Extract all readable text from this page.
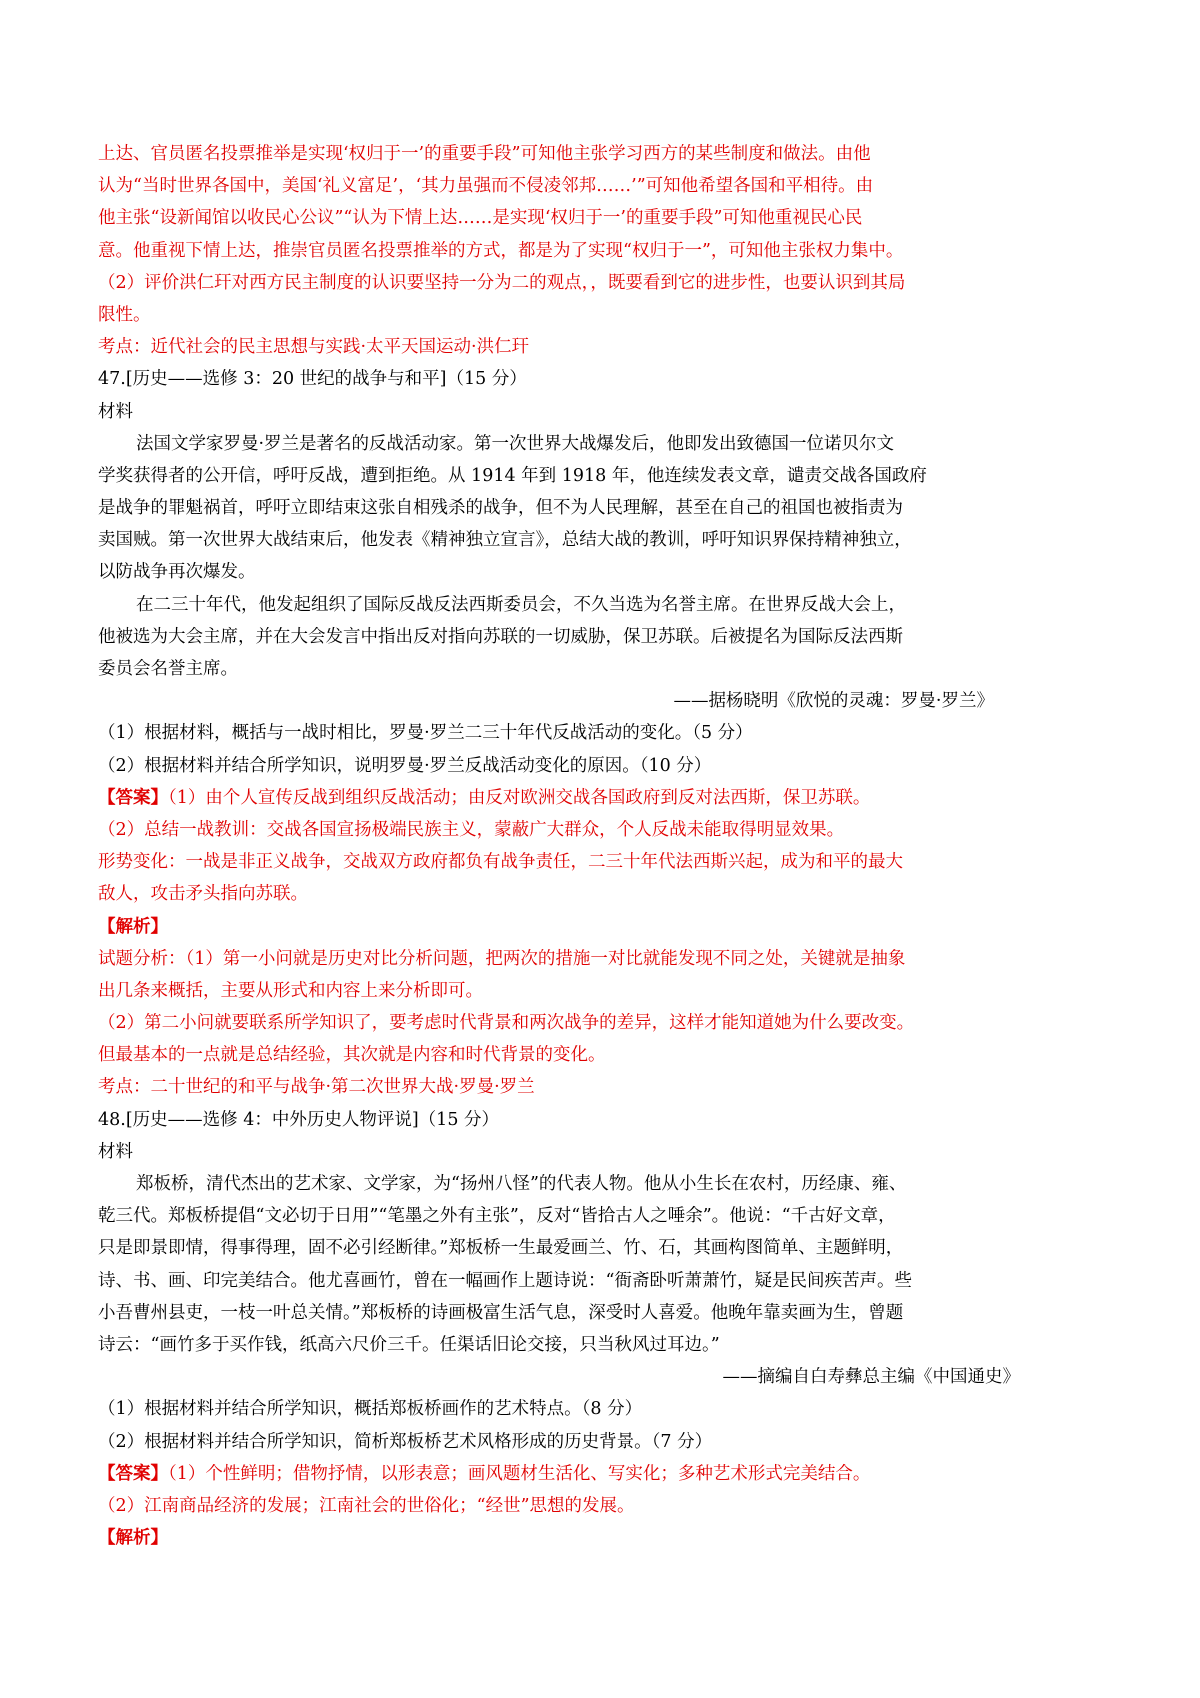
上达、官员匿名投票推举是实现‘权归于一’的重要手段”可知他主张学习西方的某些制度和做法。由他
认为“当时世界各国中，美国‘礼义富足’，‘其力虽强而不侵凌邻邦……’”可知他希望各国和平相待。由
他主张“设新闻馆以收民心公议”“认为下情上达……是实现‘权归于一’的重要手段”可知他重视民心民
意。他重视下情上达，推崇官员匿名投票推举的方式，都是为了实现“权归于一”，可知他主张权力集中。
（2）评价洪仁玕对西方民主制度的认识要坚持一分为二的观点，，既要看到它的进步性，也要认识到其局
限性。
考点：近代社会的民主思想与实践·太平天国运动·洪仁玕
47.[历史——选修 3：20 世纪的战争与和平]（15 分）
材料
法国文学家罗曼·罗兰是著名的反战活动家。第一次世界大战爆发后，他即发出致德国一位诺贝尔文
学奖获得者的公开信，呼吁反战，遭到拒绝。从 1914 年到 1918 年，他连续发表文章，谴责交战各国政府
是战争的罪魁祸首，呼吁立即结束这张自相残杀的战争，但不为人民理解，甚至在自己的祖国也被指责为
卖国贼。第一次世界大战结束后，他发表《精神独立宣言》，总结大战的教训，呼吁知识界保持精神独立，
以防战争再次爆发。
在二三十年代，他发起组织了国际反战反法西斯委员会，不久当选为名誉主席。在世界反战大会上，
他被选为大会主席，并在大会发言中指出反对指向苏联的一切威胁，保卫苏联。后被提名为国际反法西斯
委员会名誉主席。
——据杨晓明《欣悦的灵魂：罗曼·罗兰》
（1）根据材料，概括与一战时相比，罗曼·罗兰二三十年代反战活动的变化。（5 分）
（2）根据材料并结合所学知识，说明罗曼·罗兰反战活动变化的原因。（10 分）
【答案】（1）由个人宣传反战到组织反战活动；由反对欧洲交战各国政府到反对法西斯，保卫苏联。
（2）总结一战教训：交战各国宣扬极端民族主义，蒙蔽广大群众，个人反战未能取得明显效果。
形势变化：一战是非正义战争，交战双方政府都负有战争责任，二三十年代法西斯兴起，成为和平的最大
敌人，攻击矛头指向苏联。
【解析】
试题分析：（1）第一小问就是历史对比分析问题，把两次的措施一对比就能发现不同之处，关键就是抽象
出几条来概括，主要从形式和内容上来分析即可。
（2）第二小问就要联系所学知识了，要考虑时代背景和两次战争的差异，这样才能知道她为什么要改变。
但最基本的一点就是总结经验，其次就是内容和时代背景的变化。
考点：二十世纪的和平与战争·第二次世界大战·罗曼·罗兰
48.[历史——选修 4：中外历史人物评说]（15 分）
材料
郑板桥，清代杰出的艺术家、文学家，为“扬州八怪”的代表人物。他从小生长在农村，历经康、雍、
乾三代。郑板桥提倡“文必切于日用”“笔墨之外有主张”，反对“皆拾古人之唾余”。他说：“千古好文章，
只是即景即情，得事得理，固不必引经断律。”郑板桥一生最爱画兰、竹、石，其画构图简单、主题鲜明，
诗、书、画、印完美结合。他尤喜画竹，曾在一幅画作上题诗说：“衙斋卧听萧萧竹，疑是民间疾苦声。些
小吾曹州县吏，一枝一叶总关情。”郑板桥的诗画极富生活气息，深受时人喜爱。他晚年靠卖画为生，曾题
诗云：“画竹多于买作钱，纸高六尺价三千。任渠话旧论交接，只当秋风过耳边。”
——摘编自白寿彝总主编《中国通史》
（1）根据材料并结合所学知识，概括郑板桥画作的艺术特点。（8 分）
（2）根据材料并结合所学知识，简析郑板桥艺术风格形成的历史背景。（7 分）
【答案】（1）个性鲜明；借物抒情，以形表意；画风题材生活化、写实化；多种艺术形式完美结合。
（2）江南商品经济的发展；江南社会的世俗化；“经世”思想的发展。
【解析】
